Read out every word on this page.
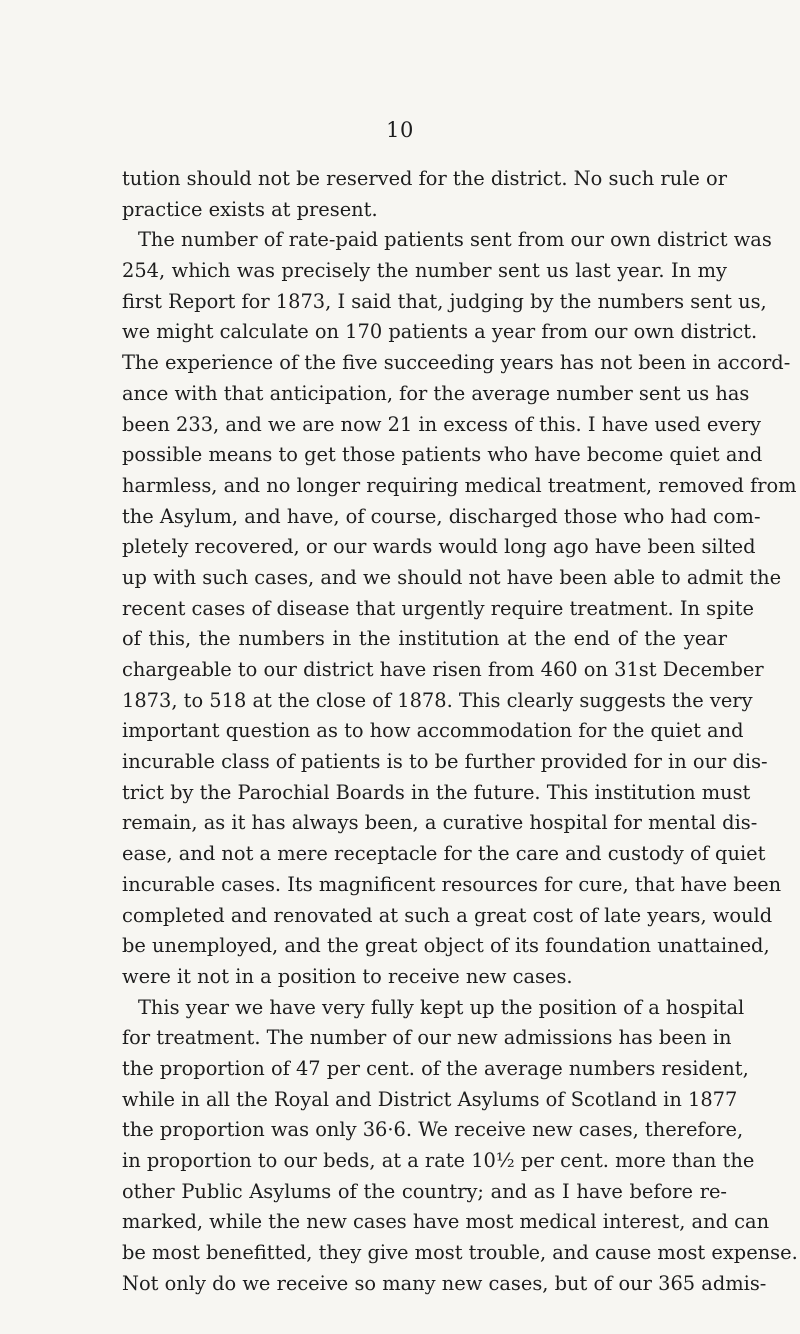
10
tution should not be reserved for the district. No such rule or
practice exists at present.
The number of rate-paid patients sent from our own district was
254, which was precisely the number sent us last year. In my
first Report for 1873, I said that, judging by the numbers sent us,
we might calculate on 170 patients a year from our own district.
The experience of the five succeeding years has not been in accord-
ance with that anticipation, for the average number sent us has
been 233, and we are now 21 in excess of this. I have used every
possible means to get those patients who have become quiet and
harmless, and no longer requiring medical treatment, removed from
the Asylum, and have, of course, discharged those who had com-
pletely recovered, or our wards would long ago have been silted
up with such cases, and we should not have been able to admit the
recent cases of disease that urgently require treatment. In spite
of this, the numbers in the institution at the end of the year
chargeable to our district have risen from 460 on 31st December
1873, to 518 at the close of 1878. This clearly suggests the very
important question as to how accommodation for the quiet and
incurable class of patients is to be further provided for in our dis-
trict by the Parochial Boards in the future. This institution must
remain, as it has always been, a curative hospital for mental dis-
ease, and not a mere receptacle for the care and custody of quiet
incurable cases. Its magnificent resources for cure, that have been
completed and renovated at such a great cost of late years, would
be unemployed, and the great object of its foundation unattained,
were it not in a position to receive new cases.
This year we have very fully kept up the position of a hospital
for treatment. The number of our new admissions has been in
the proportion of 47 per cent. of the average numbers resident,
while in all the Royal and District Asylums of Scotland in 1877
the proportion was only 36·6. We receive new cases, therefore,
in proportion to our beds, at a rate 10½ per cent. more than the
other Public Asylums of the country; and as I have before re-
marked, while the new cases have most medical interest, and can
be most benefitted, they give most trouble, and cause most expense.
Not only do we receive so many new cases, but of our 365 admis-
